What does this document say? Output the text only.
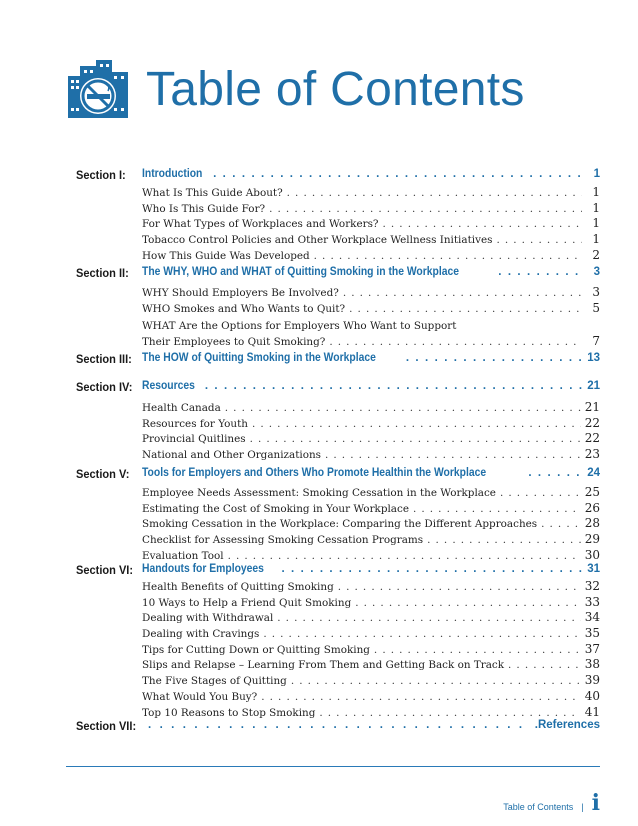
Table of Contents
Section I: Introduction . . .	1
What Is This Guide About? . . .	1
Who Is This Guide For? . . .	1
For What Types of Workplaces and Workers? . . .	1
Tobacco Control Policies and Other Workplace Wellness Initiatives . . .	1
How This Guide Was Developed . . .	2
Section II: The WHY, WHO and WHAT of Quitting Smoking in the Workplace . . .	3
WHY Should Employers Be Involved? . . .	3
WHO Smokes and Who Wants to Quit? . . .	5
WHAT Are the Options for Employers Who Want to Support
Their Employees to Quit Smoking? . . .	7
Section III: The HOW of Quitting Smoking in the Workplace . . .	13
Section IV: Resources . . .	21
Health Canada . . .	21
Resources for Youth . . .	22
Provincial Quitlines . . .	22
National and Other Organizations . . .	23
Section V: Tools for Employers and Others Who Promote Healthin the Workplace . . .	24
Employee Needs Assessment: Smoking Cessation in the Workplace . . .	25
Estimating the Cost of Smoking in Your Workplace . . .	26
Smoking Cessation in the Workplace: Comparing the Different Approaches . . .	28
Checklist for Assessing Smoking Cessation Programs . . .	29
Evaluation Tool . . .	30
Section VI: Handouts for Employees . . .	31
Health Benefits of Quitting Smoking . . .	32
10 Ways to Help a Friend Quit Smoking . . .	33
Dealing with Withdrawal . . .	34
Dealing with Cravings . . .	35
Tips for Cutting Down or Quitting Smoking . . .	37
Slips and Relapse – Learning From Them and Getting Back on Track . . .	38
The Five Stages of Quitting . . .	39
What Would You Buy? . . .	40
Top 10 Reasons to Stop Smoking . . .	41
Section VII: . . .	.References
Table of Contents | i
